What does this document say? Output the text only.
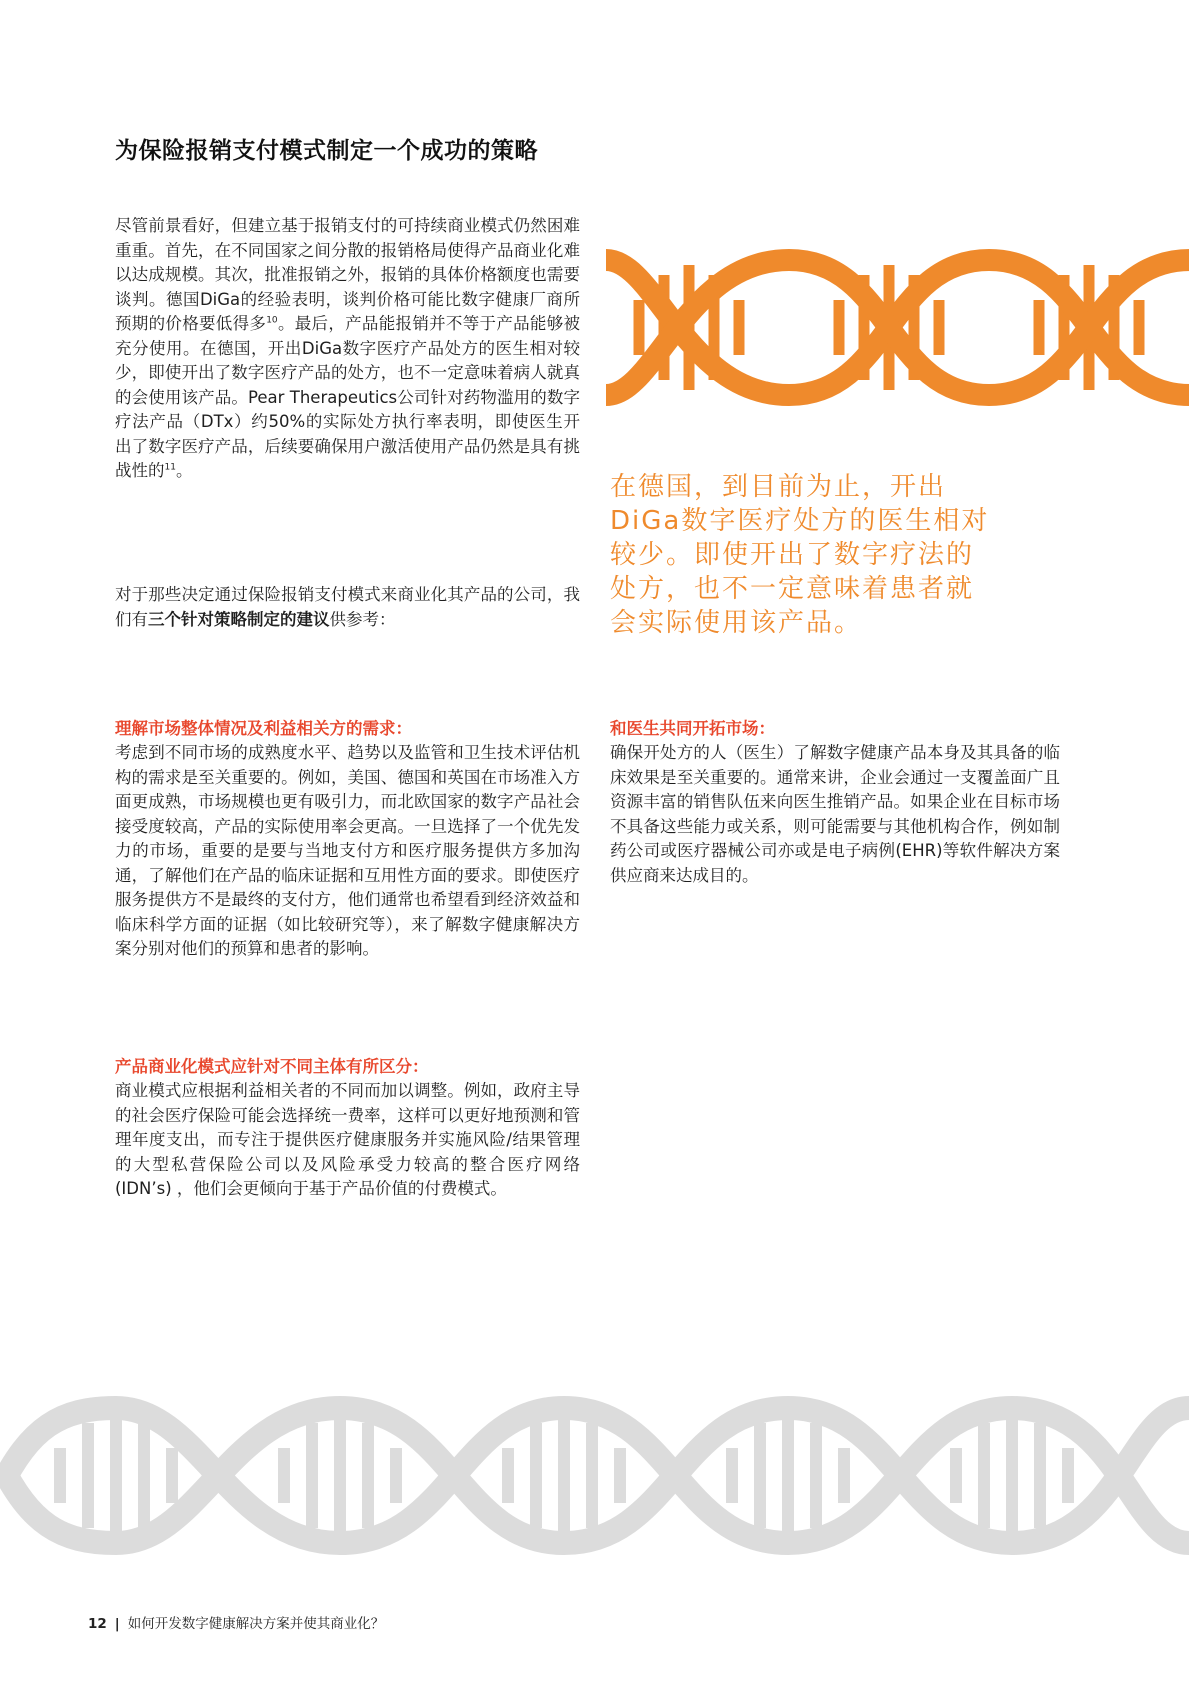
为保险报销支付模式制定一个成功的策略

尽管前景看好，但建立基于报销支付的可持续商业模式仍然困难重重。首先，在不同国家之间分散的报销格局使得产品商业化难以达成规模。其次，批准报销之外，报销的具体价格额度也需要谈判。德国DiGa的经验表明，谈判价格可能比数字健康厂商所预期的价格要低得多$^{10}$。最后，产品能报销并不等于产品能够被充分使用。在德国，开出DiGa数字医疗产品处方的医生相对较少，即使开出了数字医疗产品的处方，也不一定意味着病人就真的会使用该产品。Pear Therapeutics公司针对药物滥用的数字疗法产品（DTx）约50%的实际处方执行率表明，即使医生开出了数字医疗产品，后续要确保用户激活使用产品仍然是具有挑战性的$^{11}$。

对于那些决定通过保险报销支付模式来商业化其产品的公司，我们有三个针对策略制定的建议供参考：

在德国，到目前为止，开出DiGa数字医疗处方的医生相对较少。即使开出了数字疗法的处方，也不一定意味着患者就会实际使用该产品。

理解市场整体情况及利益相关方的需求：

考虑到不同市场的成熟度水平、趋势以及监管和卫生技术评估机构的需求是至关重要的。例如，美国、德国和英国在市场准入方面更成熟，市场规模也更有吸引力，而北欧国家的数字产品社会接受度较高，产品的实际使用率会更高。一旦选择了一个优先发力的市场，重要的是要与当地支付方和医疗服务提供方多加沟通，了解他们在产品的临床证据和互用性方面的要求。即使医疗服务提供方不是最终的支付方，他们通常也希望看到经济效益和临床科学方面的证据（如比较研究等），来了解数字健康解决方案分别对他们的预算和患者的影响。

产品商业化模式应针对不同主体有所区分：

商业模式应根据利益相关者的不同而加以调整。例如，政府主导的社会医疗保险可能会选择统一费率，这样可以更好地预测和管理年度支出，而专注于提供医疗健康服务并实施风险/结果管理的大型私营保险公司以及风险承受力较高的整合医疗网络(IDN’s) ，他们会更倾向于基于产品价值的付费模式。

和医生共同开拓市场：

确保开处方的人（医生）了解数字健康产品本身及其具备的临床效果是至关重要的。通常来讲，企业会通过一支覆盖面广且资源丰富的销售队伍来向医生推销产品。如果企业在目标市场不具备这些能力或关系，则可能需要与其他机构合作，例如制药公司或医疗器械公司亦或是电子病例(EHR)等软件解决方案供应商来达成目的。

12 | 如何开发数字健康解决方案并使其商业化？
